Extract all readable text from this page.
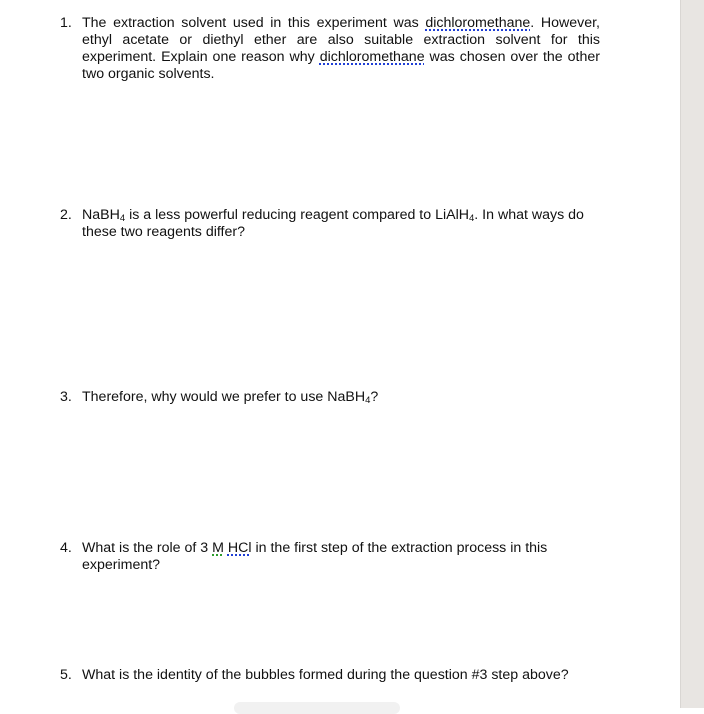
1. The extraction solvent used in this experiment was dichloromethane. However, ethyl acetate or diethyl ether are also suitable extraction solvent for this experiment. Explain one reason why dichloromethane was chosen over the other two organic solvents.
2. NaBH$_4$ is a less powerful reducing reagent compared to LiAlH$_4$. In what ways do these two reagents differ?
3. Therefore, why would we prefer to use NaBH$_4$?
4. What is the role of 3 M HCl in the first step of the extraction process in this experiment?
5. What is the identity of the bubbles formed during the question #3 step above?
